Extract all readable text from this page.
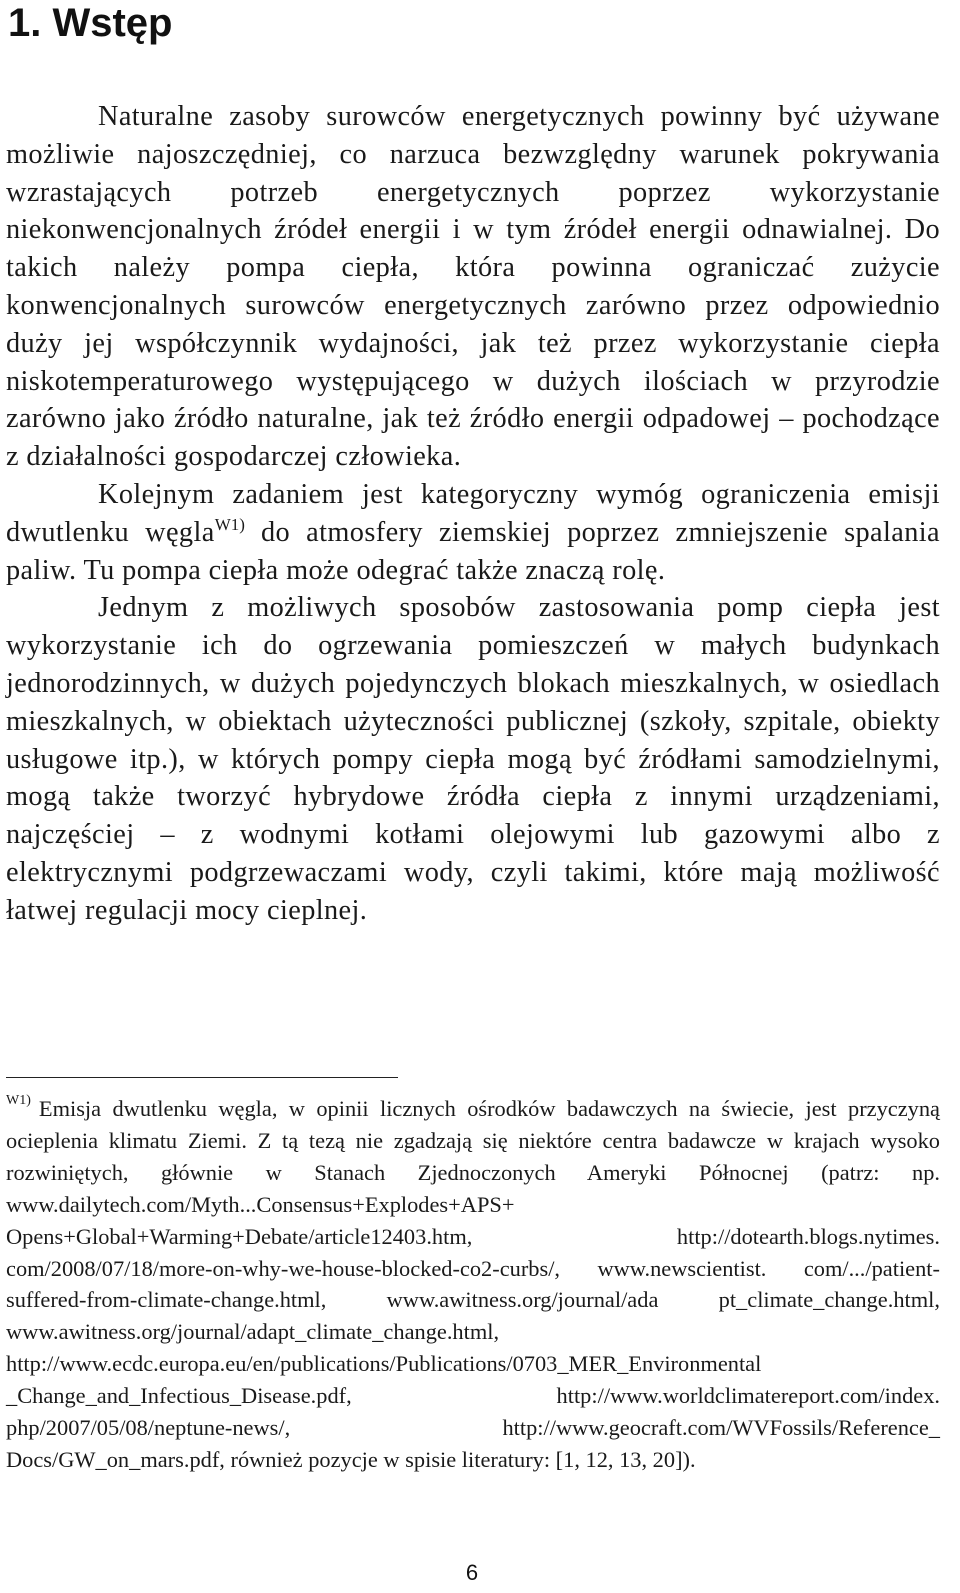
1. Wstęp

Naturalne zasoby surowców energetycznych powinny być używane możliwie najoszczędniej, co narzuca bezwzględny warunek pokrywania wzrastających potrzeb energetycznych poprzez wykorzystanie niekonwencjonalnych źródeł energii i w tym źródeł energii odnawialnej. Do takich należy pompa ciepła, która powinna ograniczać zużycie konwencjonalnych surowców energetycznych zarówno przez odpowiednio duży jej współczynnik wydajności, jak też przez wykorzystanie ciepła niskotemperaturowego występującego w dużych ilościach w przyrodzie zarówno jako źródło naturalne, jak też źródło energii odpadowej – pochodzące z działalności gospodarczej człowieka.

Kolejnym zadaniem jest kategoryczny wymóg ograniczenia emisji dwutlenku węgla$^{W1)}$ do atmosfery ziemskiej poprzez zmniejszenie spalania paliw. Tu pompa ciepła może odegrać także znaczą rolę.

Jednym z możliwych sposobów zastosowania pomp ciepła jest wykorzystanie ich do ogrzewania pomieszczeń w małych budynkach jednorodzinnych, w dużych pojedynczych blokach mieszkalnych, w osiedlach mieszkalnych, w obiektach użyteczności publicznej (szkoły, szpitale, obiekty usługowe itp.), w których pompy ciepła mogą być źródłami samodzielnymi, mogą także tworzyć hybrydowe źródła ciepła z innymi urządzeniami, najczęściej – z wodnymi kotłami olejowymi lub gazowymi albo z elektrycznymi podgrzewaczami wody, czyli takimi, które mają możliwość łatwej regulacji mocy cieplnej.

$^{W1)}$ Emisja dwutlenku węgla, w opinii licznych ośrodków badawczych na świecie, jest przyczyną ocieplenia klimatu Ziemi. Z tą tezą nie zgadzają się niektóre centra badawcze w krajach wysoko rozwiniętych, głównie w Stanach Zjednoczonych Ameryki Północnej (patrz: np. www.dailytech.com/Myth...Consensus+Explodes+APS+ Opens+Global+Warming+Debate/article12403.htm, http://dotearth.blogs.nytimes. com/2008/07/18/more-on-why-we-house-blocked-co2-curbs/, www.newscientist. com/.../patient-suffered-from-climate-change.html, www.awitness.org/journal/ada pt_climate_change.html, www.awitness.org/journal/adapt_climate_change.html, http://www.ecdc.europa.eu/en/publications/Publications/0703_MER_Environmental _Change_and_Infectious_Disease.pdf, http://www.worldclimatereport.com/index. php/2007/05/08/neptune-news/, http://www.geocraft.com/WVFossils/Reference_ Docs/GW_on_mars.pdf, również pozycje w spisie literatury: [1, 12, 13, 20]).

6
